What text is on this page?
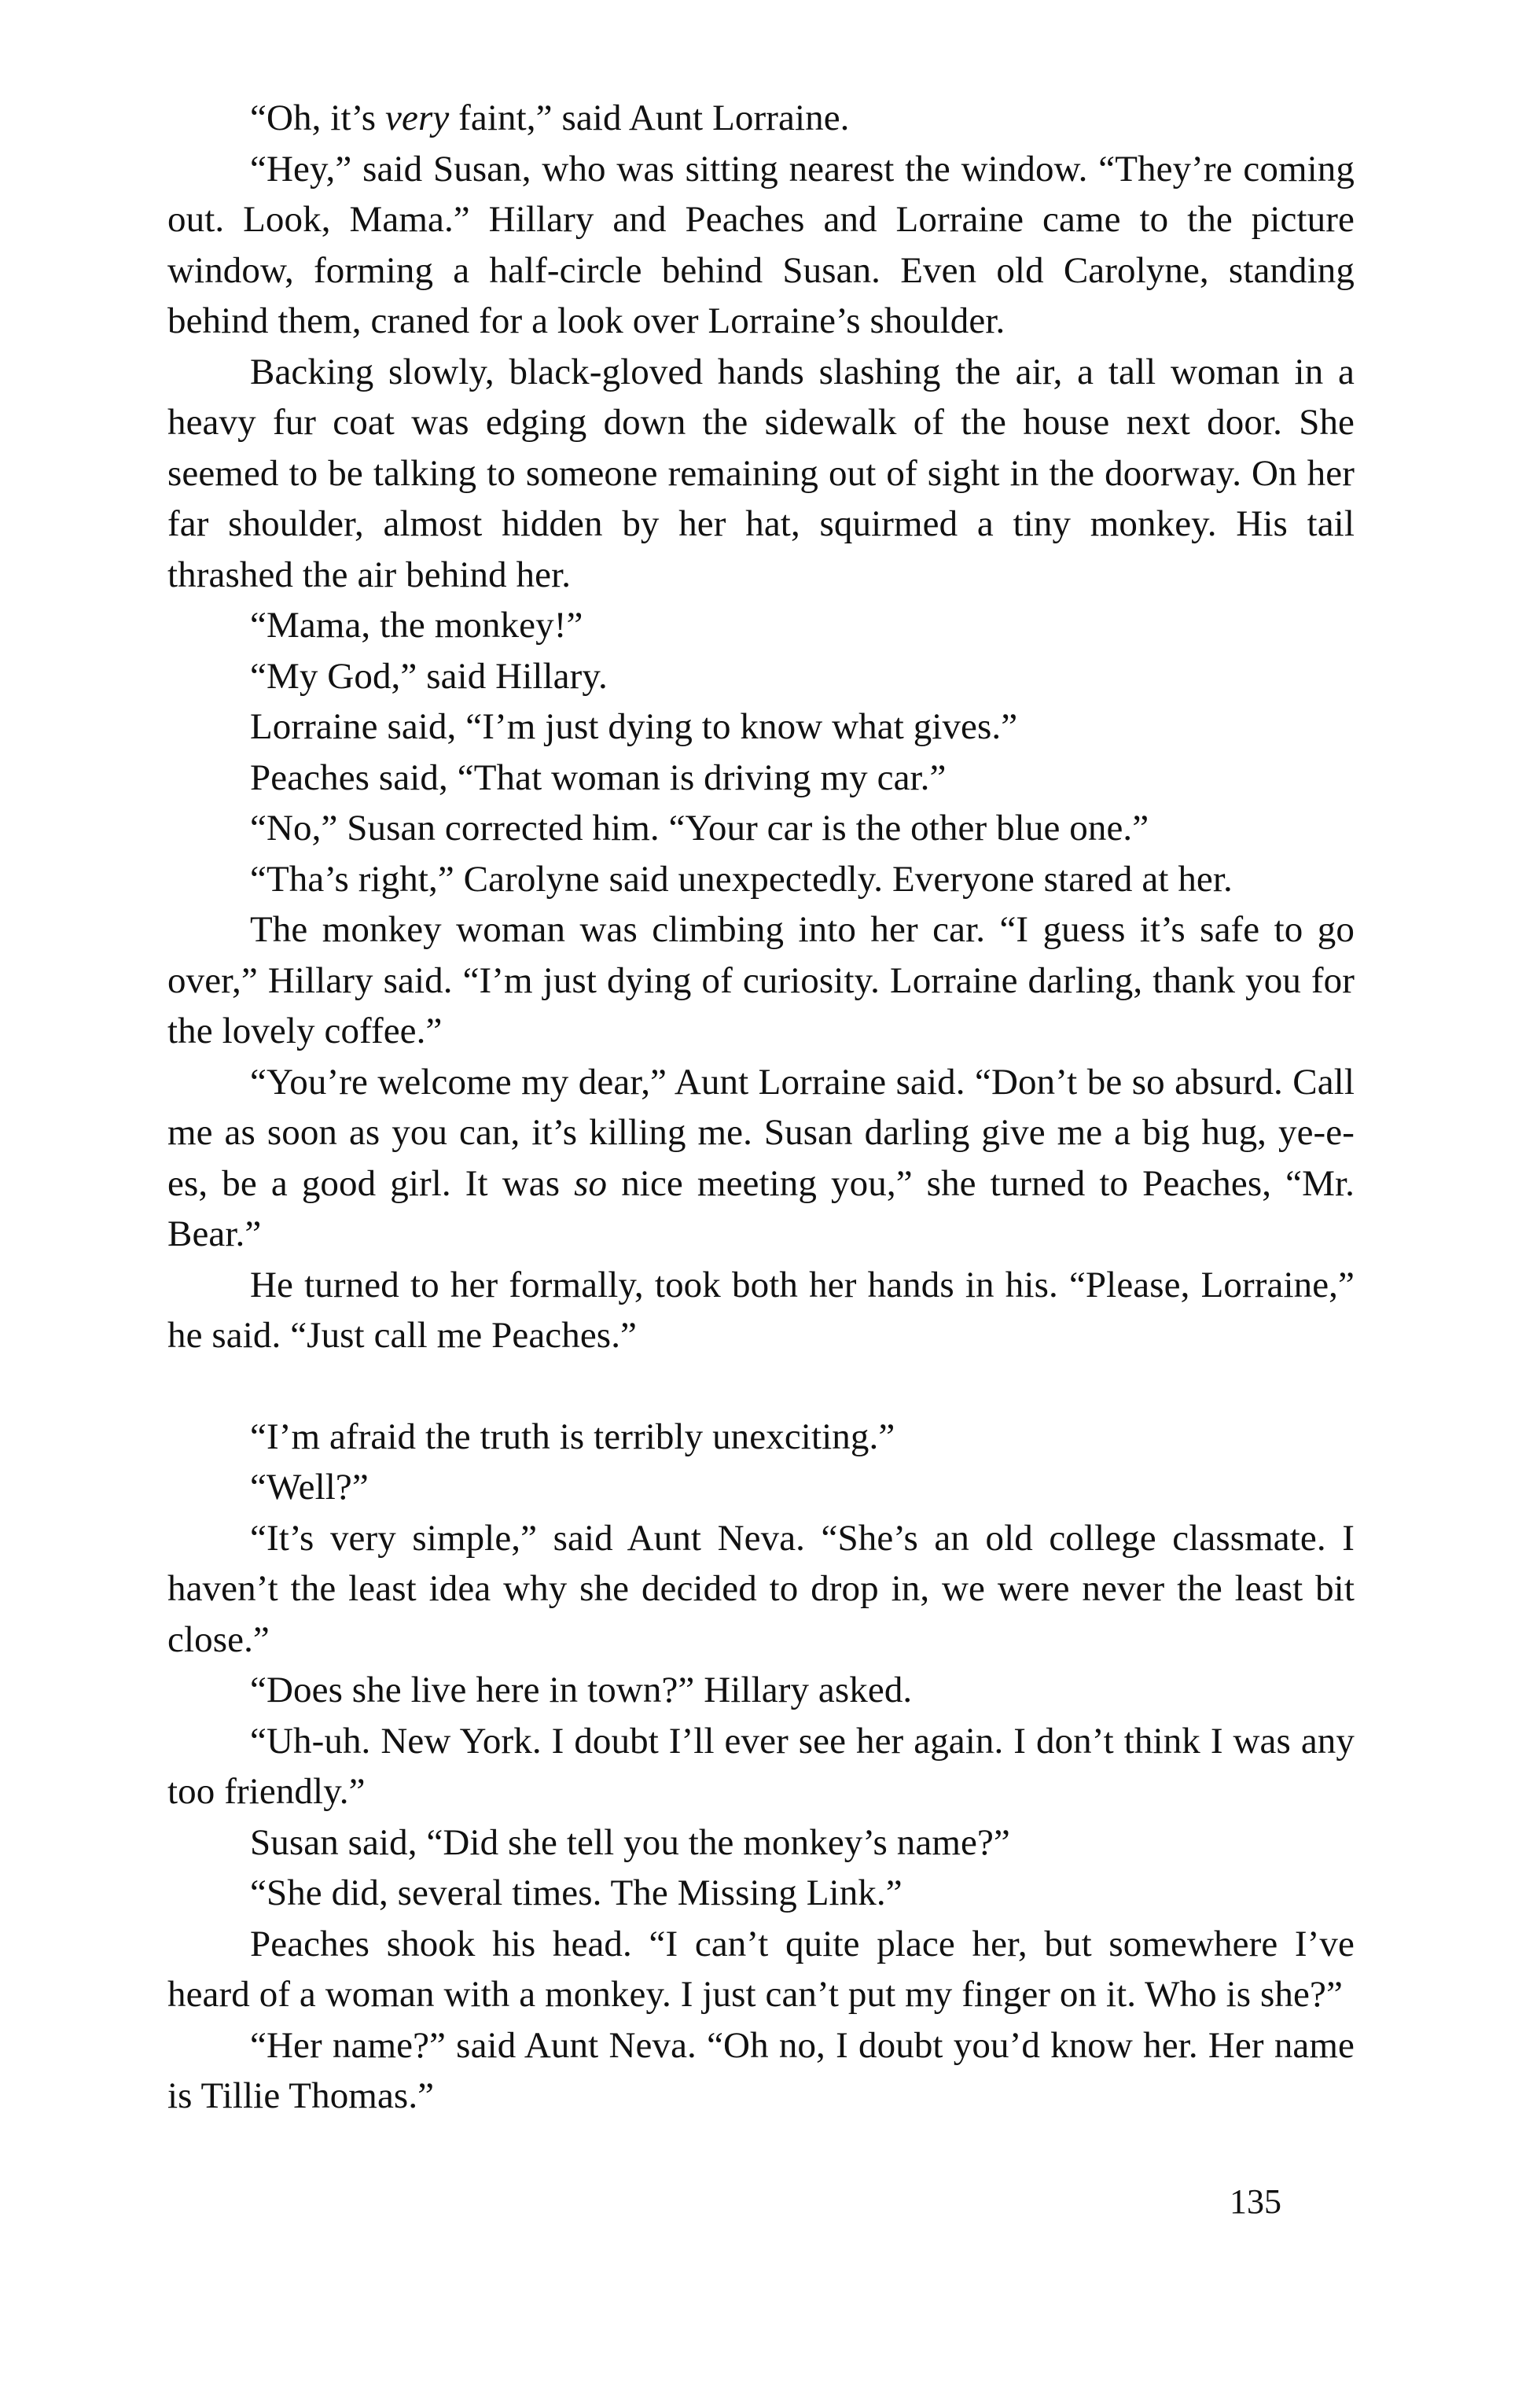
“Oh, it’s very faint,” said Aunt Lorraine.

“Hey,” said Susan, who was sitting nearest the window. “They’re coming out. Look, Mama.” Hillary and Peaches and Lorraine came to the picture window, forming a half-circle behind Susan. Even old Carolyne, standing behind them, craned for a look over Lorraine’s shoulder.

Backing slowly, black-gloved hands slashing the air, a tall woman in a heavy fur coat was edging down the sidewalk of the house next door. She seemed to be talking to someone remaining out of sight in the doorway. On her far shoulder, almost hidden by her hat, squirmed a tiny monkey. His tail thrashed the air behind her.

“Mama, the monkey!”

“My God,” said Hillary.

Lorraine said, “I’m just dying to know what gives.”

Peaches said, “That woman is driving my car.”

“No,” Susan corrected him. “Your car is the other blue one.”

“Tha’s right,” Carolyne said unexpectedly. Everyone stared at her.

The monkey woman was climbing into her car. “I guess it’s safe to go over,” Hillary said. “I’m just dying of curiosity. Lorraine darling, thank you for the lovely coffee.”

“You’re welcome my dear,” Aunt Lorraine said. “Don’t be so absurd. Call me as soon as you can, it’s killing me. Susan darling give me a big hug, ye-e-es, be a good girl. It was so nice meeting you,” she turned to Peaches, “Mr. Bear.”

He turned to her formally, took both her hands in his. “Please, Lorraine,” he said. “Just call me Peaches.”

“I’m afraid the truth is terribly unexciting.”

“Well?”

“It’s very simple,” said Aunt Neva. “She’s an old college classmate. I haven’t the least idea why she decided to drop in, we were never the least bit close.”

“Does she live here in town?” Hillary asked.

“Uh-uh. New York. I doubt I’ll ever see her again. I don’t think I was any too friendly.”

Susan said, “Did she tell you the monkey’s name?”

“She did, several times. The Missing Link.”

Peaches shook his head. “I can’t quite place her, but somewhere I’ve heard of a woman with a monkey. I just can’t put my finger on it. Who is she?”

“Her name?” said Aunt Neva. “Oh no, I doubt you’d know her. Her name is Tillie Thomas.”

135
